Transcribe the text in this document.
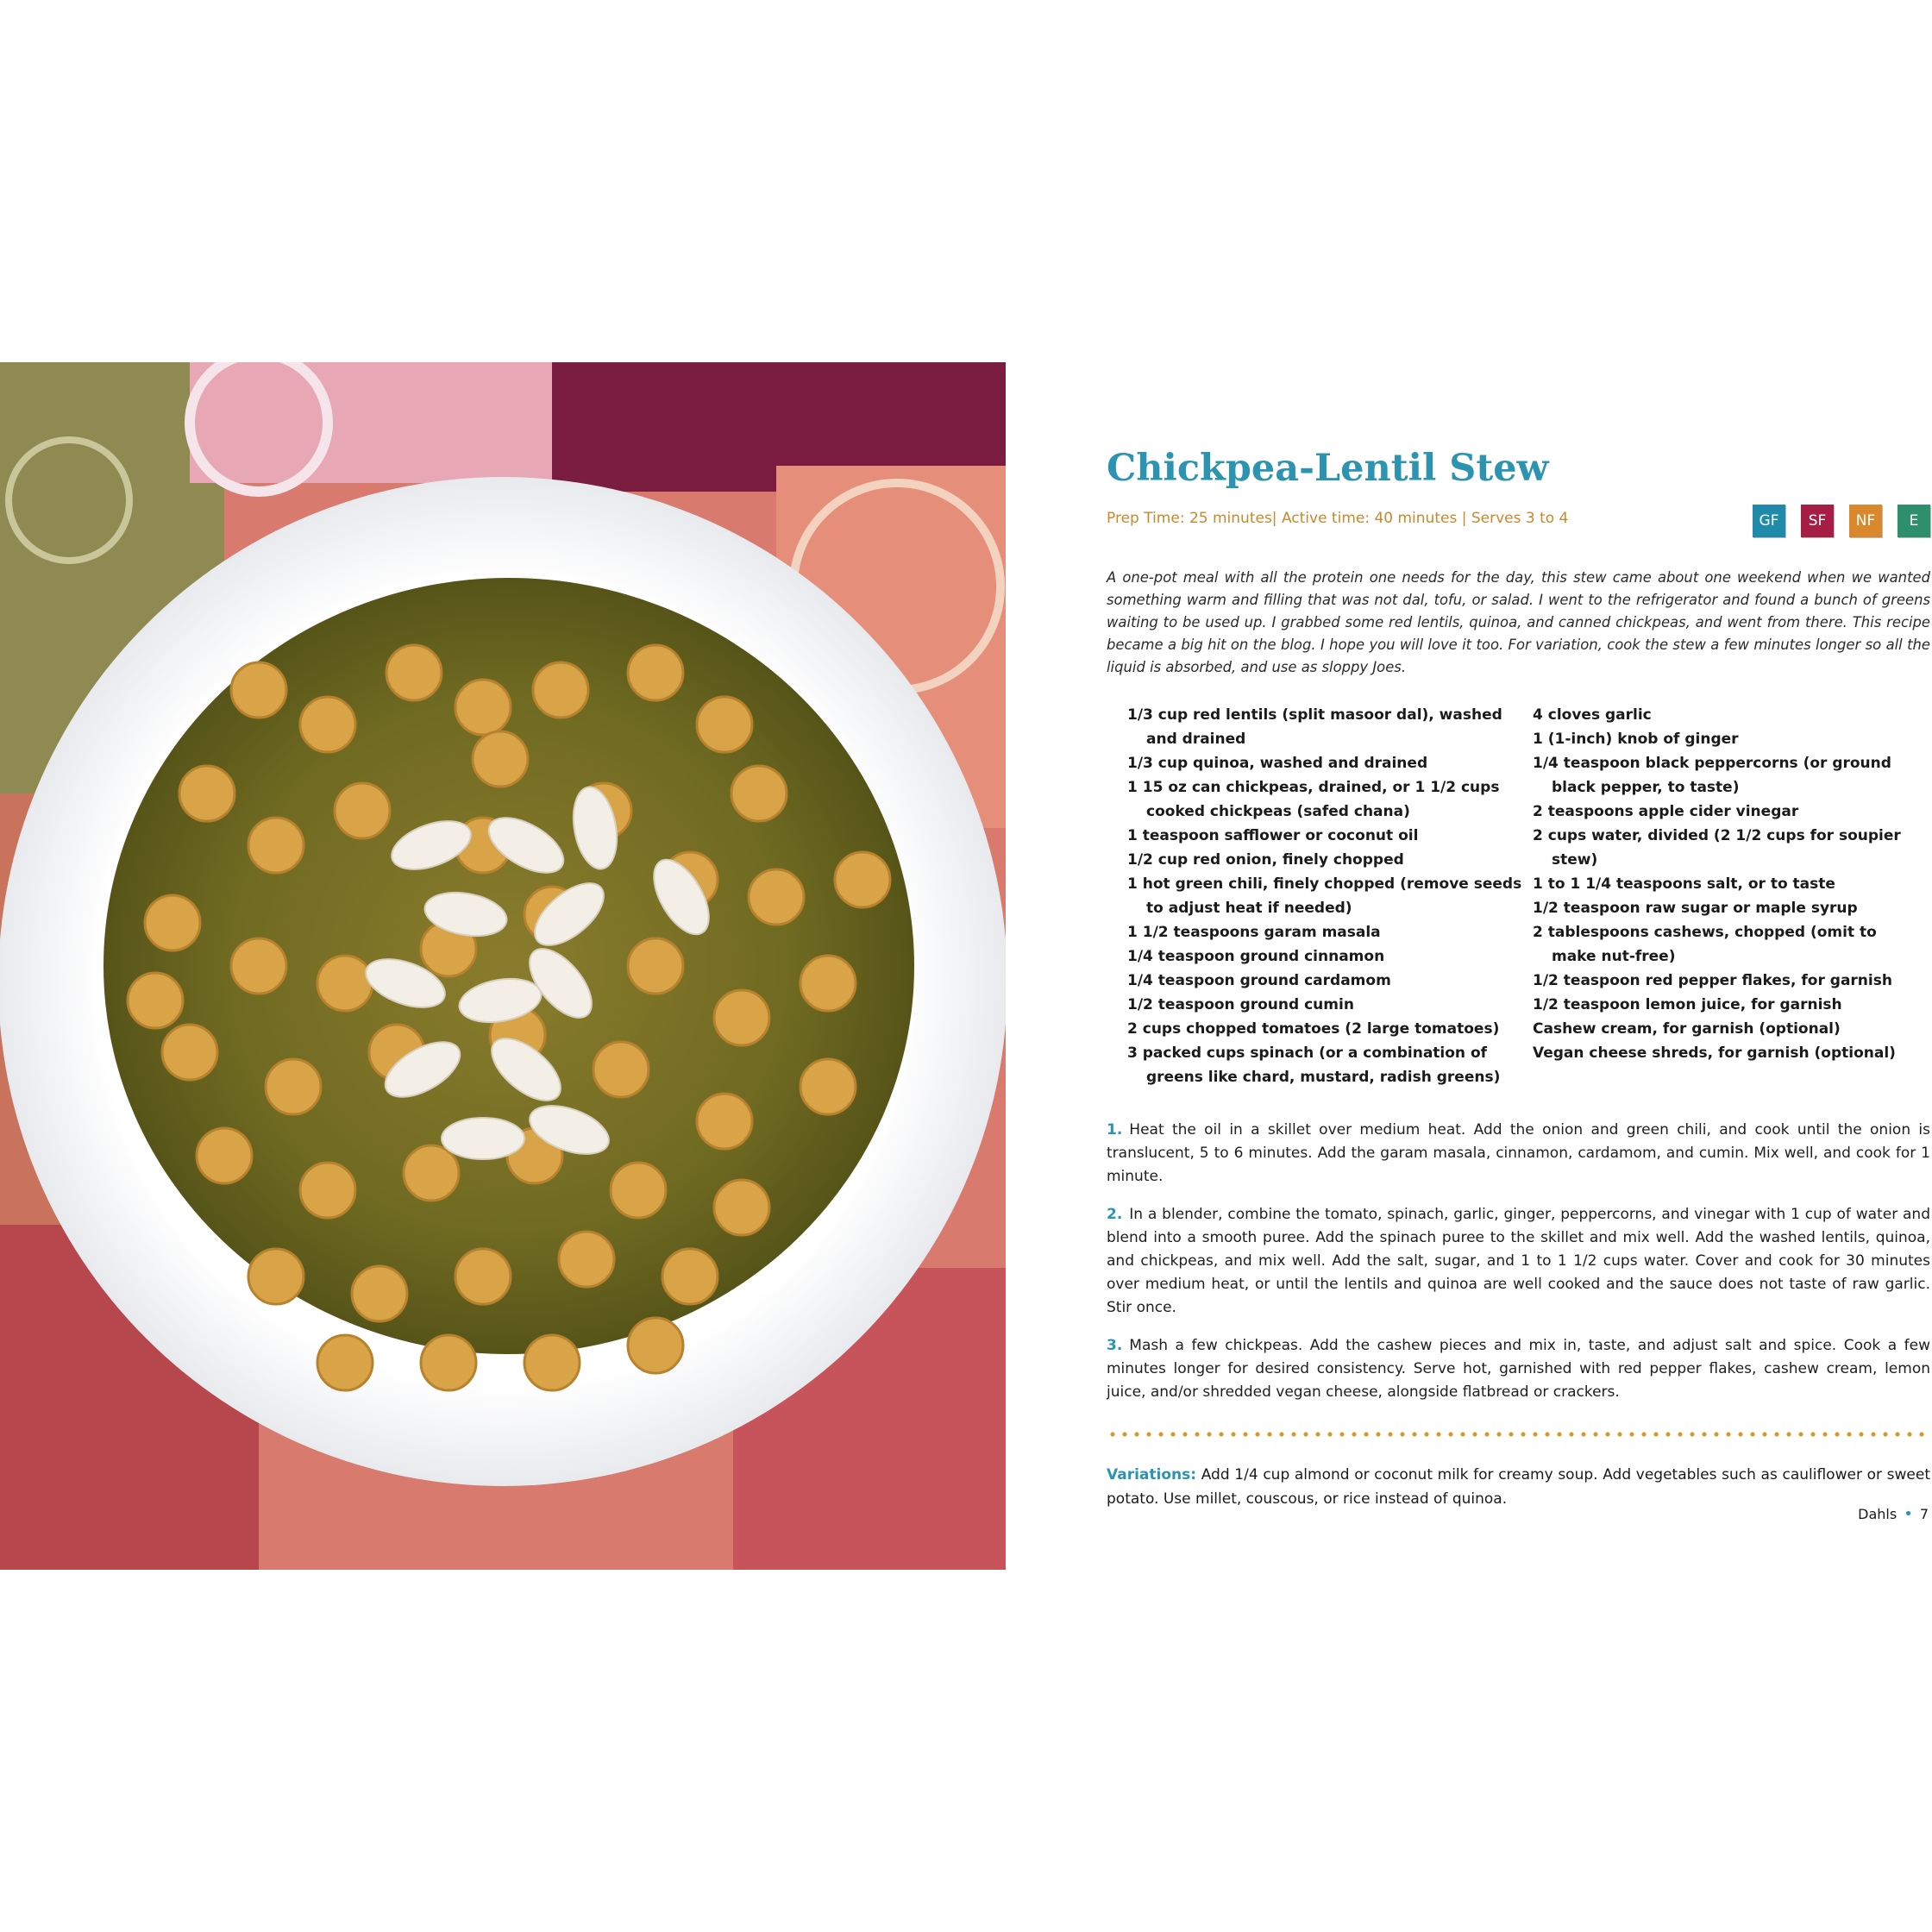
Chickpea-Lentil Stew
Prep Time: 25 minutes| Active time: 40 minutes | Serves 3 to 4	GF	SF	NF	E

A one-pot meal with all the protein one needs for the day, this stew came about one weekend when we wanted something warm and filling that was not dal, tofu, or salad. I went to the refrigerator and found a bunch of greens waiting to be used up. I grabbed some red lentils, quinoa, and canned chickpeas, and went from there. This recipe became a big hit on the blog. I hope you will love it too. For variation, cook the stew a few minutes longer so all the liquid is absorbed, and use as sloppy Joes.

1/3 cup red lentils (split masoor dal), washed and drained
1/3 cup quinoa, washed and drained
1 15 oz can chickpeas, drained, or 1 1/2 cups cooked chickpeas (safed chana)
1 teaspoon safflower or coconut oil
1/2 cup red onion, finely chopped
1 hot green chili, finely chopped (remove seeds to adjust heat if needed)
1 1/2 teaspoons garam masala
1/4 teaspoon ground cinnamon
1/4 teaspoon ground cardamom
1/2 teaspoon ground cumin
2 cups chopped tomatoes (2 large tomatoes)
3 packed cups spinach (or a combination of greens like chard, mustard, radish greens)
4 cloves garlic
1 (1-inch) knob of ginger
1/4 teaspoon black peppercorns (or ground black pepper, to taste)
2 teaspoons apple cider vinegar
2 cups water, divided (2 1/2 cups for soupier stew)
1 to 1 1/4 teaspoons salt, or to taste
1/2 teaspoon raw sugar or maple syrup
2 tablespoons cashews, chopped (omit to make nut-free)
1/2 teaspoon red pepper flakes, for garnish
1/2 teaspoon lemon juice, for garnish
Cashew cream, for garnish (optional)
Vegan cheese shreds, for garnish (optional)

1. Heat the oil in a skillet over medium heat. Add the onion and green chili, and cook until the onion is translucent, 5 to 6 minutes. Add the garam masala, cinnamon, cardamom, and cumin. Mix well, and cook for 1 minute.

2. In a blender, combine the tomato, spinach, garlic, ginger, peppercorns, and vinegar with 1 cup of water and blend into a smooth puree. Add the spinach puree to the skillet and mix well. Add the washed lentils, quinoa, and chickpeas, and mix well. Add the salt, sugar, and 1 to 1 1/2 cups water. Cover and cook for 30 minutes over medium heat, or until the lentils and quinoa are well cooked and the sauce does not taste of raw garlic. Stir once.

3. Mash a few chickpeas. Add the cashew pieces and mix in, taste, and adjust salt and spice. Cook a few minutes longer for desired consistency. Serve hot, garnished with red pepper flakes, cashew cream, lemon juice, and/or shredded vegan cheese, alongside flatbread or crackers.

Variations: Add 1/4 cup almond or coconut milk for creamy soup. Add vegetables such as cauliflower or sweet potato. Use millet, couscous, or rice instead of quinoa.

Dahls • 7
